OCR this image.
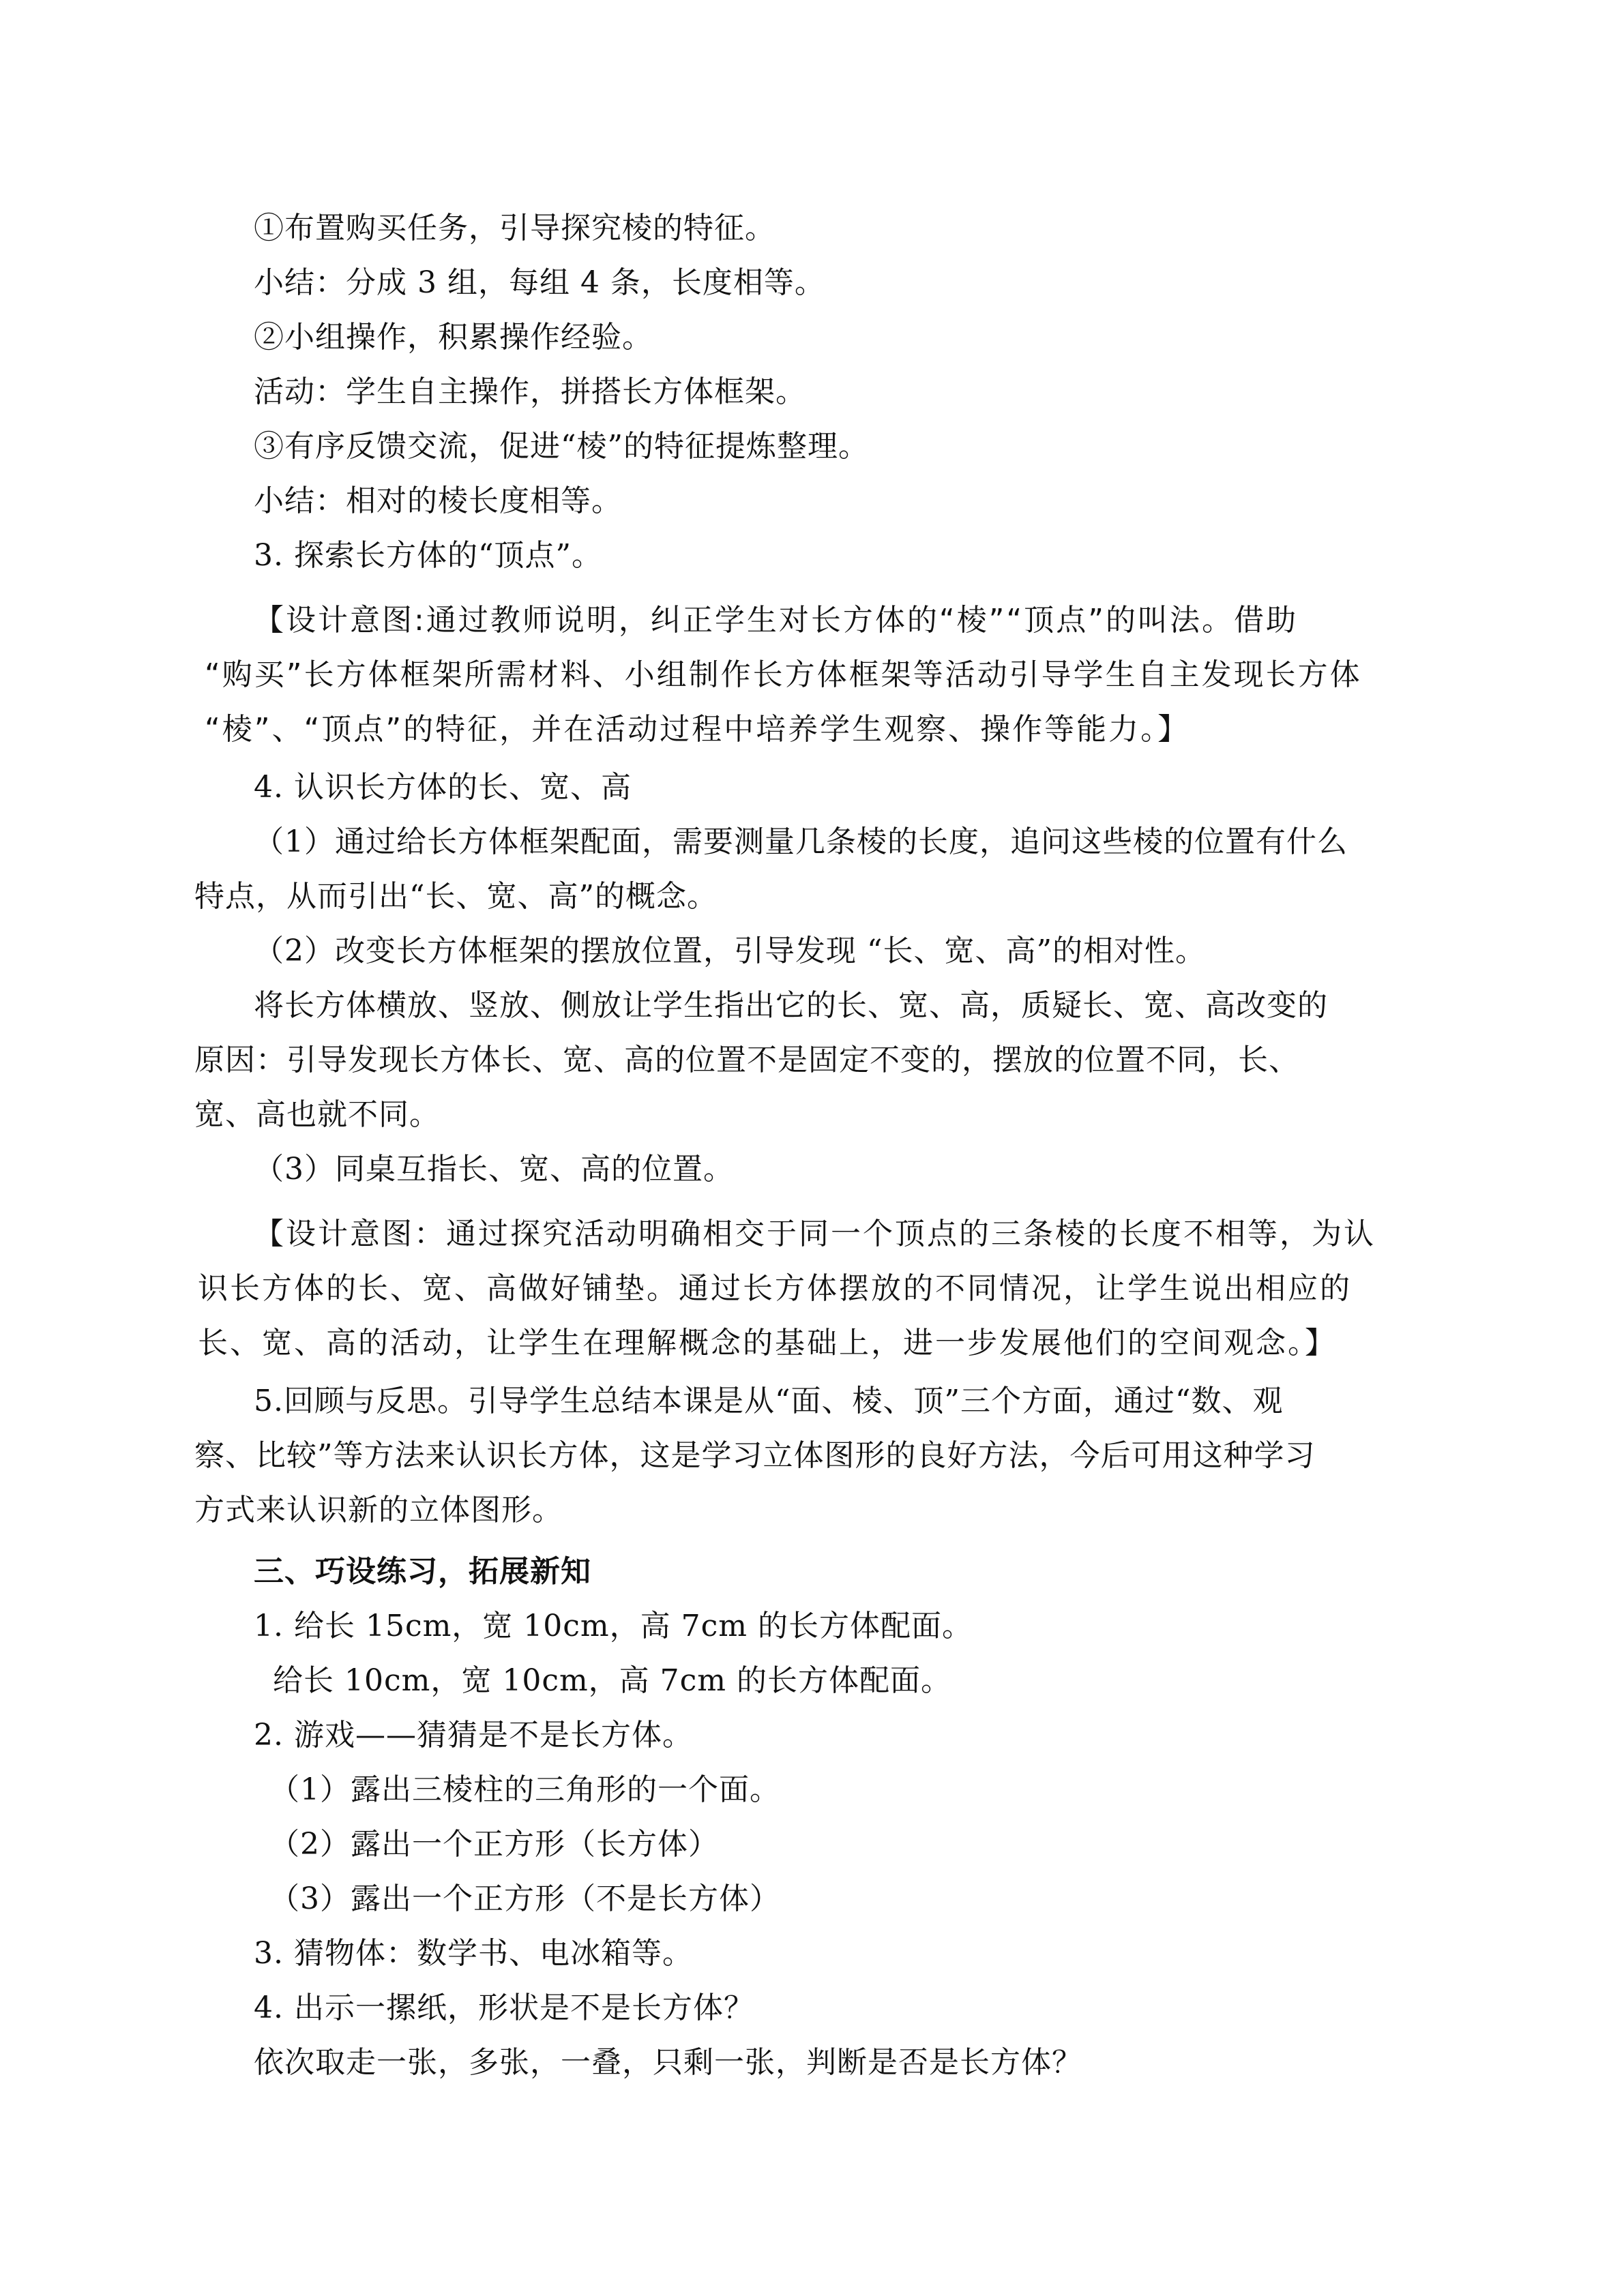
①布置购买任务，引导探究棱的特征。

小结：分成 3 组，每组 4 条，长度相等。

②小组操作，积累操作经验。

活动：学生自主操作，拼搭长方体框架。

③有序反馈交流，促进“棱”的特征提炼整理。

小结：相对的棱长度相等。

3. 探索长方体的“顶点”。

【设计意图:通过教师说明，纠正学生对长方体的“棱”“顶点”的叫法。借助

“购买”长方体框架所需材料、小组制作长方体框架等活动引导学生自主发现长方体

“棱”、“顶点”的特征，并在活动过程中培养学生观察、操作等能力。】

4. 认识长方体的长、宽、高

（1）通过给长方体框架配面，需要测量几条棱的长度，追问这些棱的位置有什么

特点，从而引出“长、宽、高”的概念。

（2）改变长方体框架的摆放位置，引导发现 “长、宽、高”的相对性。

将长方体横放、竖放、侧放让学生指出它的长、宽、高，质疑长、宽、高改变的

原因：引导发现长方体长、宽、高的位置不是固定不变的，摆放的位置不同，长、

宽、高也就不同。

（3）同桌互指长、宽、高的位置。

【设计意图：通过探究活动明确相交于同一个顶点的三条棱的长度不相等，为认

识长方体的长、宽、高做好铺垫。通过长方体摆放的不同情况，让学生说出相应的

长、宽、高的活动，让学生在理解概念的基础上，进一步发展他们的空间观念。】

5.回顾与反思。引导学生总结本课是从“面、棱、顶”三个方面，通过“数、观

察、比较”等方法来认识长方体，这是学习立体图形的良好方法，今后可用这种学习

方式来认识新的立体图形。

三、巧设练习，拓展新知

1. 给长 15cm，宽 10cm，高 7cm 的长方体配面。

给长 10cm，宽 10cm，高 7cm 的长方体配面。

2. 游戏——猜猜是不是长方体。

（1）露出三棱柱的三角形的一个面。

（2）露出一个正方形（长方体）

（3）露出一个正方形（不是长方体）

3. 猜物体：数学书、电冰箱等。

4. 出示一摞纸，形状是不是长方体？

依次取走一张，多张，一叠，只剩一张，判断是否是长方体？
